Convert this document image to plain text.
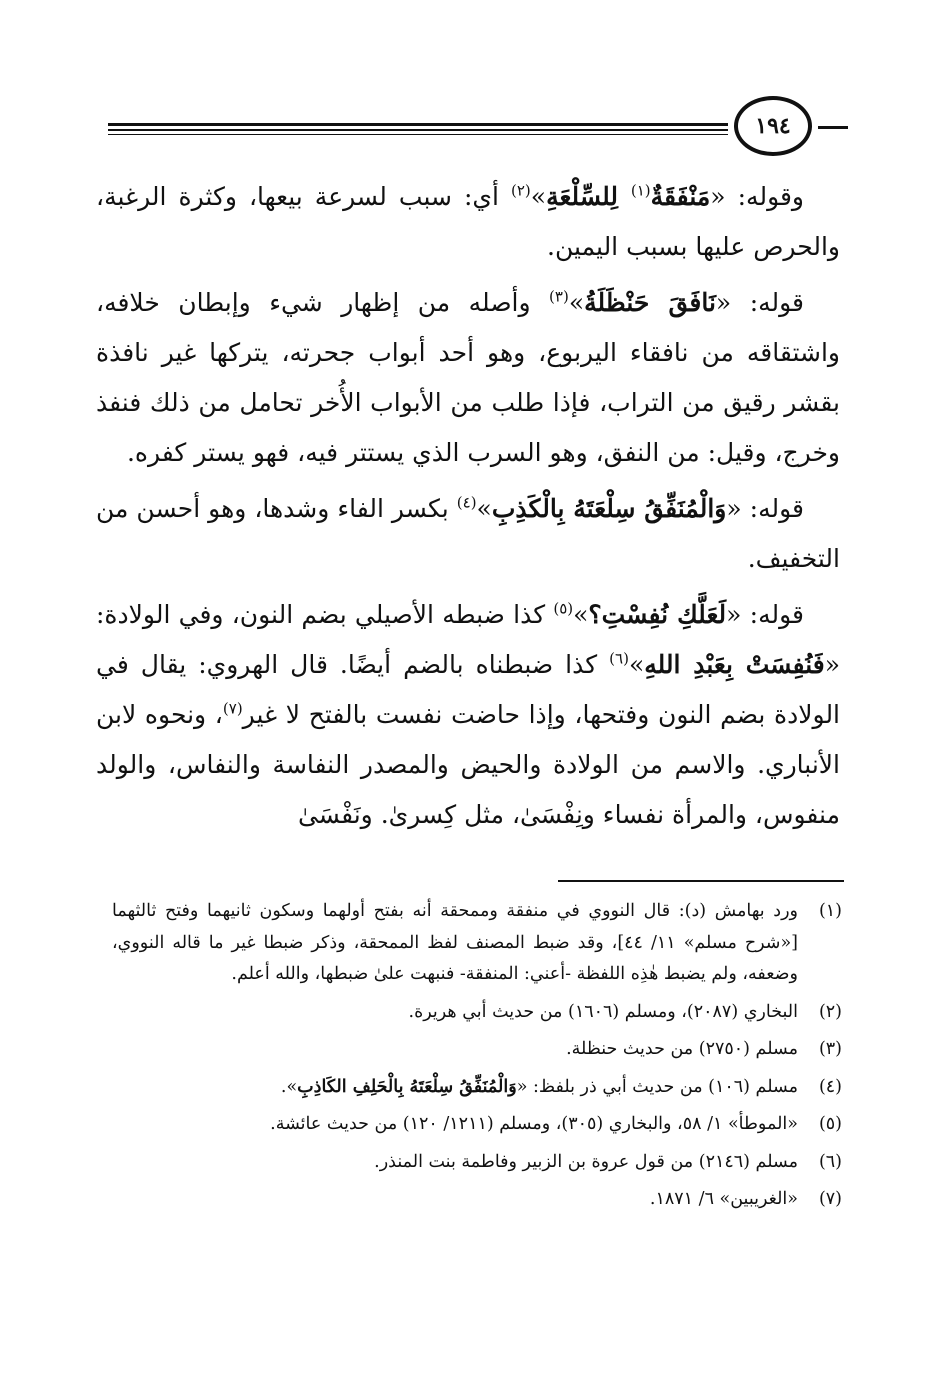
١٩٤

وقوله: «مَنْفَقَةٌ$^{(١)}$ لِلسِّلْعَةِ»$^{(٢)}$ أي: سبب لسرعة بيعها، وكثرة الرغبة، والحرص عليها بسبب اليمين.

قوله: «نَافَقَ حَنْظَلَةُ»$^{(٣)}$ وأصله من إظهار شيء وإبطان خلافه، واشتقاقه من نافقاء اليربوع، وهو أحد أبواب جحرته، يتركها غير نافذة بقشر رقيق من التراب، فإذا طلب من الأبواب الأُخر تحامل من ذلك فنفذ وخرج، وقيل: من النفق، وهو السرب الذي يستتر فيه، فهو يستر كفره.

قوله: «وَالْمُنَفِّقُ سِلْعَتَهُ بِالْكَذِبِ»$^{(٤)}$ بكسر الفاء وشدها، وهو أحسن من التخفيف.

قوله: «لَعَلَّكِ نُفِسْتِ؟»$^{(٥)}$ كذا ضبطه الأصيلي بضم النون، وفي الولادة: «فَنُفِسَتْ بِعَبْدِ اللهِ»$^{(٦)}$ كذا ضبطناه بالضم أيضًا. قال الهروي: يقال في الولادة بضم النون وفتحها، وإذا حاضت نفست بالفتح لا غير$^{(٧)}$، ونحوه لابن الأنباري. والاسم من الولادة والحيض والمصدر النفاسة والنفاس، والولد منفوس، والمرأة نفساء ونِفْسَىٰ، مثل كِسرىٰ. ونَفْسَىٰ

(١)
ورد بهامش (د): قال النووي في منفقة وممحقة أنه بفتح أولهما وسكون ثانيهما وفتح ثالثهما [«شرح مسلم» ١١/ ٤٤]، وقد ضبط المصنف لفظ الممحقة، وذكر ضبطا غير ما قاله النووي، وضعفه، ولم يضبط هٰذِه اللفظة -أعني: المنفقة- فنبهت علىٰ ضبطها، والله أعلم.
(٢)
البخاري (٢٠٨٧)، ومسلم (١٦٠٦) من حديث أبي هريرة.
(٣)
مسلم (٢٧٥٠) من حديث حنظلة.
(٤)
مسلم (١٠٦) من حديث أبي ذر بلفظ: «وَالْمُنَفِّقُ سِلْعَتَهُ بِالْحَلِفِ الكَاذِبِ».
(٥)
«الموطأ» ١/ ٥٨، والبخاري (٣٠٥)، ومسلم (١٢١١/ ١٢٠) من حديث عائشة.
(٦)
مسلم (٢١٤٦) من قول عروة بن الزبير وفاطمة بنت المنذر.
(٧)
«الغريبين» ٦/ ١٨٧١.
